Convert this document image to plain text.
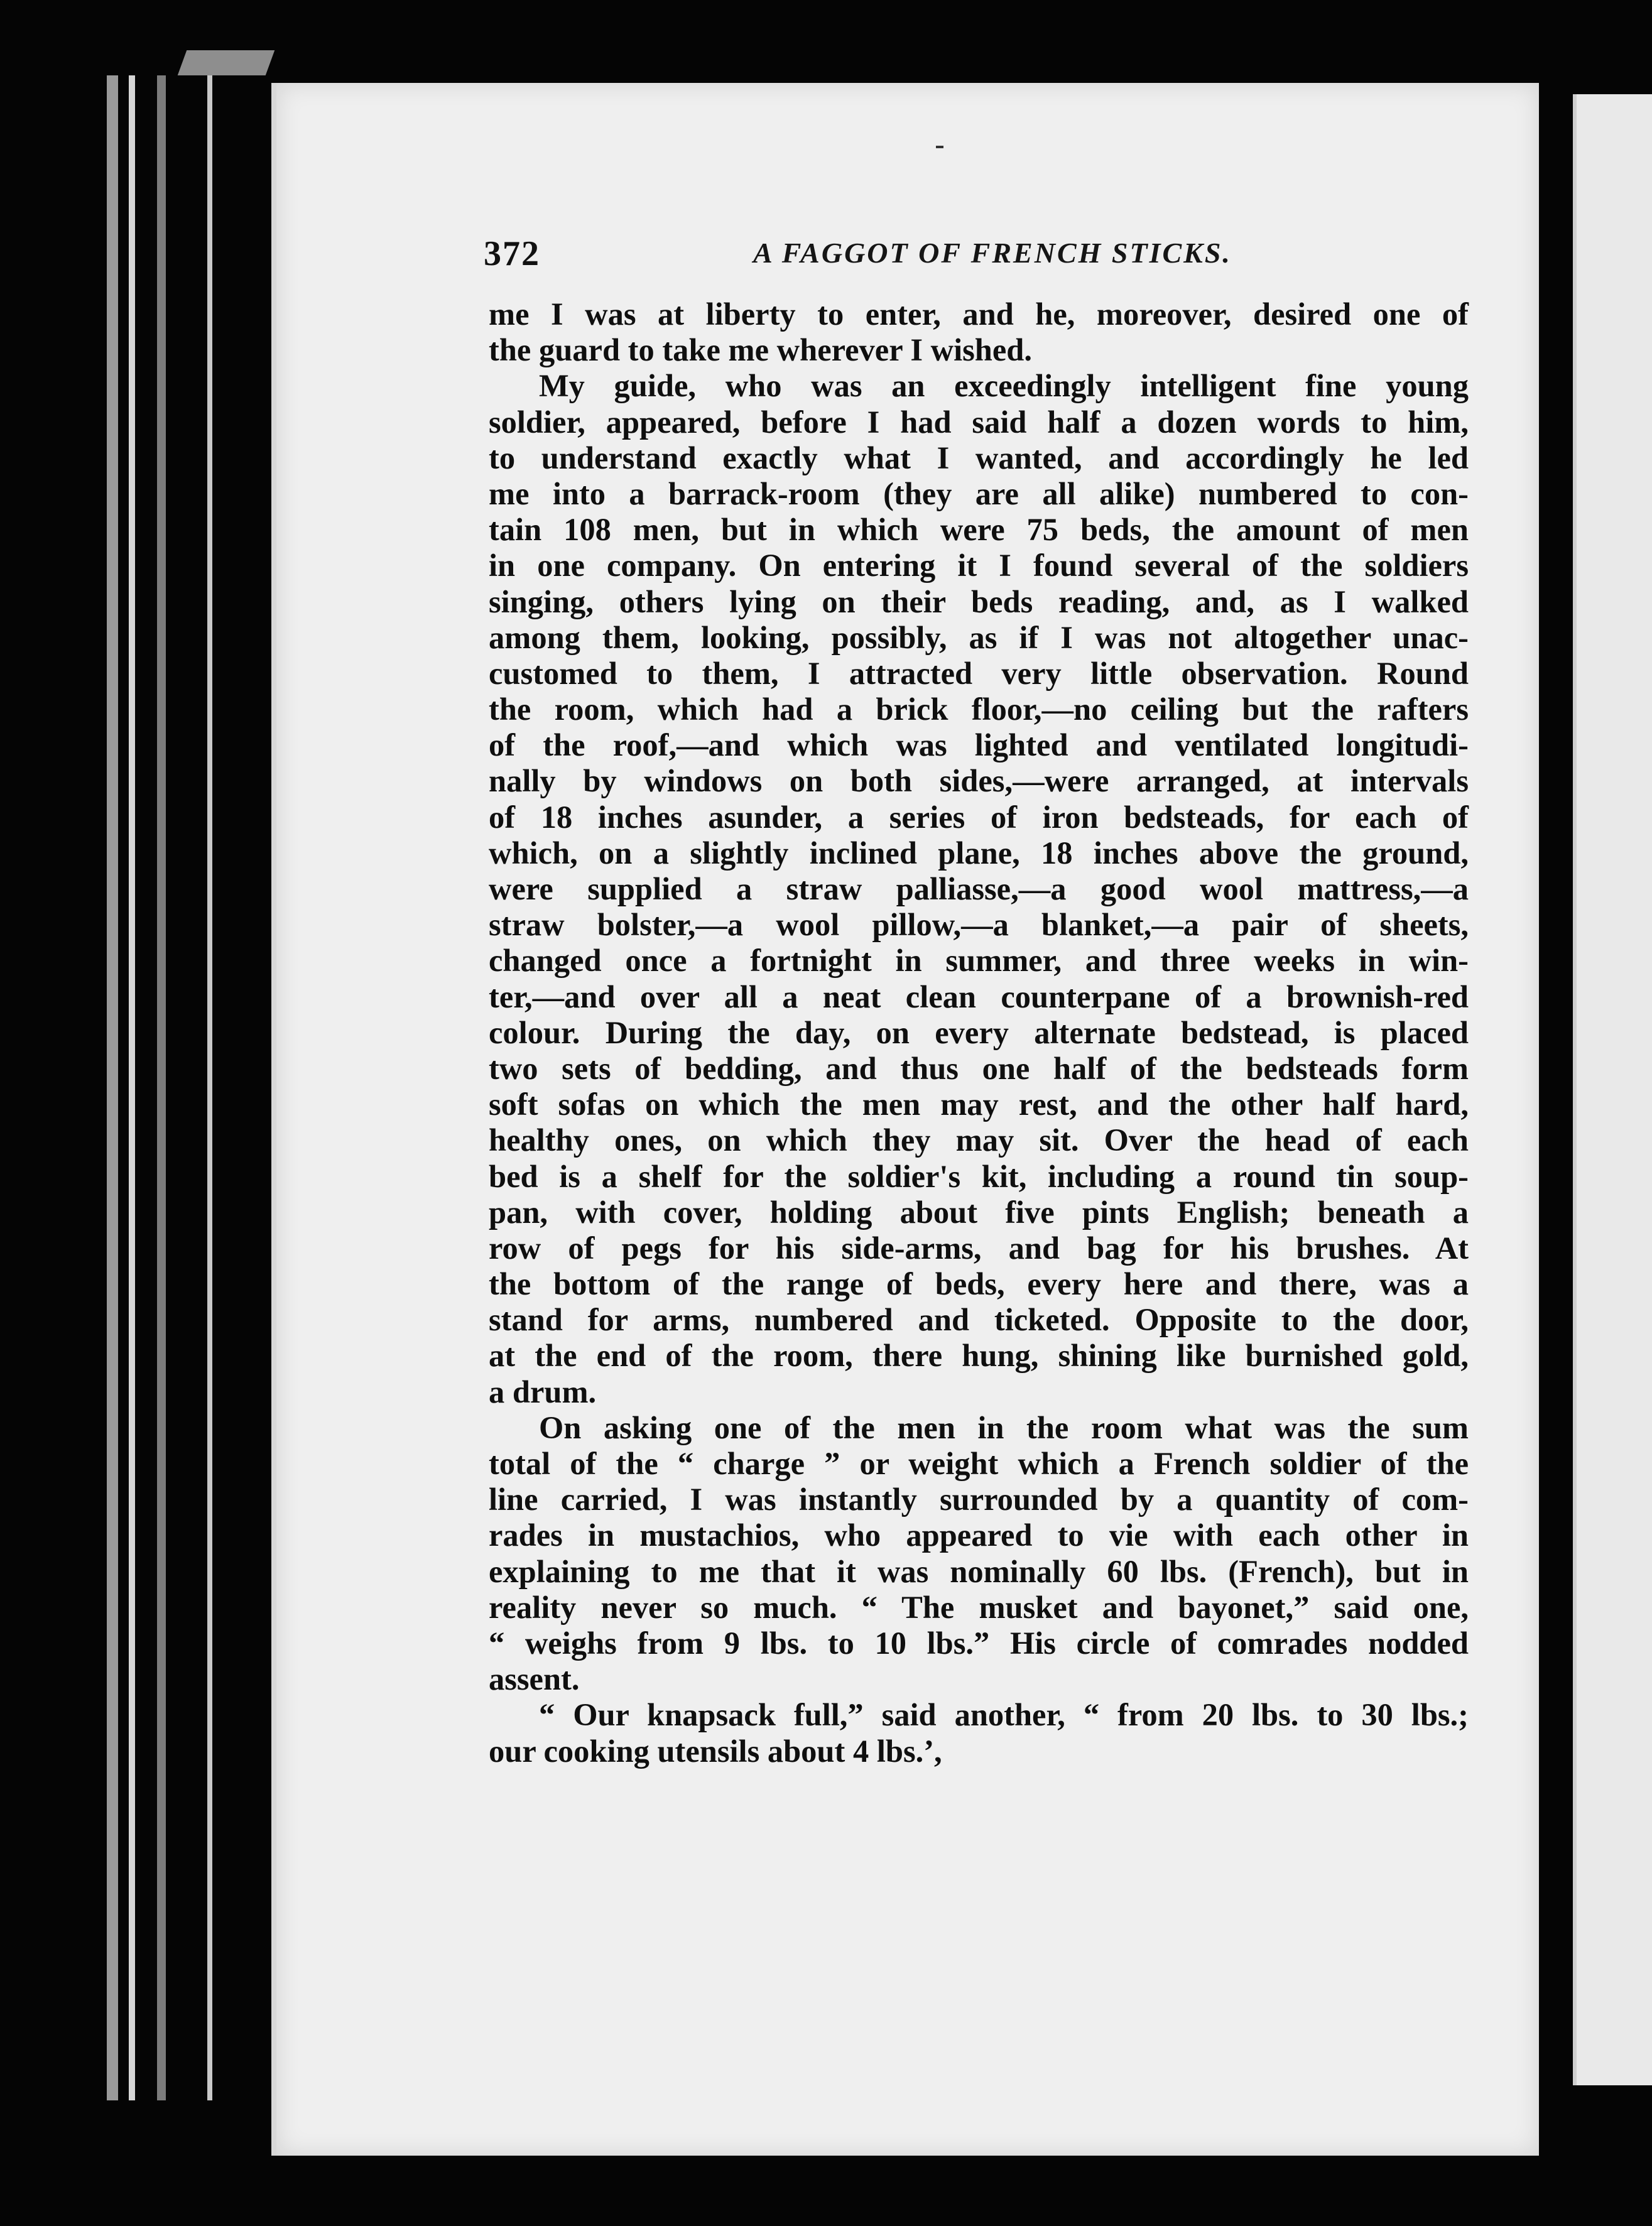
372	A FAGGOT OF FRENCH STICKS.
me I was at liberty to enter, and he, moreover, desired one of
the guard to take me wherever I wished.
My guide, who was an exceedingly intelligent fine young
soldier, appeared, before I had said half a dozen words to him,
to understand exactly what I wanted, and accordingly he led
me into a barrack-room (they are all alike) numbered to con-
tain 108 men, but in which were 75 beds, the amount of men
in one company. On entering it I found several of the soldiers
singing, others lying on their beds reading, and, as I walked
among them, looking, possibly, as if I was not altogether unac-
customed to them, I attracted very little observation. Round
the room, which had a brick floor,—no ceiling but the rafters
of the roof,—and which was lighted and ventilated longitudi-
nally by windows on both sides,—were arranged, at intervals
of 18 inches asunder, a series of iron bedsteads, for each of
which, on a slightly inclined plane, 18 inches above the ground,
were supplied a straw palliasse,—a good wool mattress,—a
straw bolster,—a wool pillow,—a blanket,—a pair of sheets,
changed once a fortnight in summer, and three weeks in win-
ter,—and over all a neat clean counterpane of a brownish-red
colour. During the day, on every alternate bedstead, is placed
two sets of bedding, and thus one half of the bedsteads form
soft sofas on which the men may rest, and the other half hard,
healthy ones, on which they may sit. Over the head of each
bed is a shelf for the soldier's kit, including a round tin soup-
pan, with cover, holding about five pints English; beneath a
row of pegs for his side-arms, and bag for his brushes. At
the bottom of the range of beds, every here and there, was a
stand for arms, numbered and ticketed. Opposite to the door,
at the end of the room, there hung, shining like burnished gold,
a drum.
On asking one of the men in the room what was the sum
total of the “ charge ” or weight which a French soldier of the
line carried, I was instantly surrounded by a quantity of com-
rades in mustachios, who appeared to vie with each other in
explaining to me that it was nominally 60 lbs. (French), but in
reality never so much. “ The musket and bayonet,” said one,
“ weighs from 9 lbs. to 10 lbs.” His circle of comrades nodded
assent.
“ Our knapsack full,” said another, “ from 20 lbs. to 30 lbs.;
our cooking utensils about 4 lbs.’,
